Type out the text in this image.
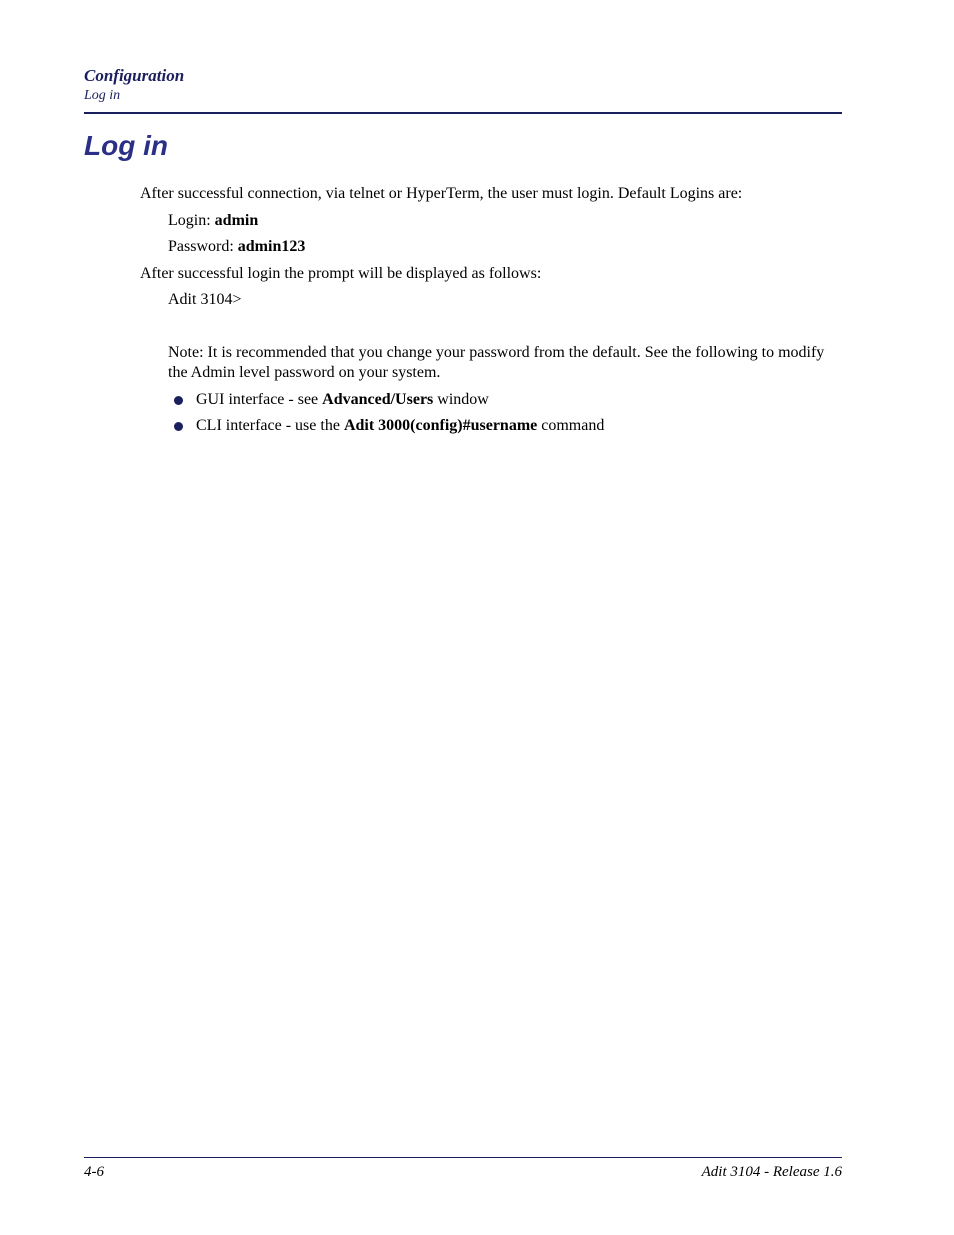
Configuration
Log in
Log in
After successful connection, via telnet or HyperTerm, the user must login. Default Logins are:
Login: admin
Password: admin123
After successful login the prompt will be displayed as follows:
Adit 3104>
Note: It is recommended that you change your password from the default. See the following to modify the Admin level password on your system.
GUI interface - see Advanced/Users window
CLI interface - use the Adit 3000(config)#username command
4-6	Adit 3104 - Release 1.6
